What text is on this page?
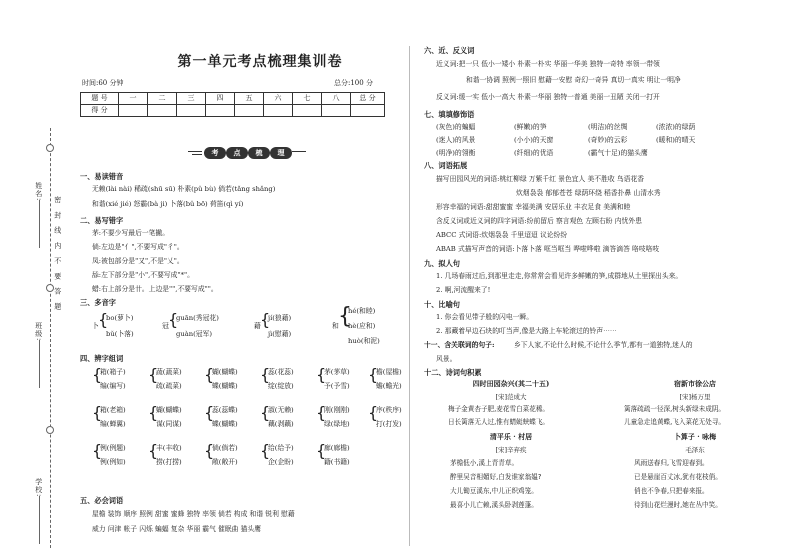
姓名:
班级:
学校:
密 封 线 内 不 要 答 题
第一单元考点梳理集训卷
时间:60 分钟	总分:100 分
题 号	一	二	三	四	五	六	七	八	总 分
得 分									
考	点	梳	理
一、易读错音
无赖(lài nài) 稀疏(shū sū) 朴素(pǔ bù) 倘若(tǎng shǎng)
和谐(xié jié) 怒霸(bà ji) 卜落(bǔ bō) 荷笛(qì yí)
二、易写错字
茅:不要少写最后一笔撇。
倘:左边是"亻",不要写成"彳"。
凤:被包部分是"又",不是"乂"。
舔:左下部分是"小",不要写成"*"。
蜡:右上部分是卄。上边是"",不要写成""。
三、多音字
卜 {
bo(萝卜)
bǔ(卜落)
冠 {
guān(秀冠花)
guàn(冠军)
藉 {
jí(狼藉)
jì(慰藉)
和 {
hé(和睦)
hè(应和)
huò(和泥)
四、辨字组词
{
箱(箱子)
编(编写)
{
蔬(蔬菜)
疏(疏菜)
{
蝴(蝴蝶)
蝶(蝴蝶)
{
蕊(花蕊)
绽(绽放)
{
茅(茅草)
予(予雪)
{
檐(屋檐)
蟾(蟾光)
{
箱(老箱)
编(蝉翼)
{
蝴(蝴蝶)
谋(同谋)
{
蕊(蕊蝶)
蝶(蝴蝶)
{
淑(无赖)
藕(剥藕)
{
刚(刚刚)
绿(绿地)
{
序(秩序)
打(打发)
{
例(例题)
例(例如)
{
丰(丰收)
捞(打捞)
{
倘(倘若)
敞(敞开)
{
给(给予)
企(企盼)
{
廊(廊檐)
籍(书籍)
五、必会词语
屋檐 装饰 顺序 照例 甜蜜 蜜蜂 独特 率领 倘若 构成 和谐 锐利 慰藉
威力 问津 帐子 闪烁 蝙蝠 复杂 华丽 霸气 催眠曲 猫头鹰
六、近、反义词
近义词:把一只 低小一矮小 朴素一朴实 华丽一华美 独特一奇特 率领一带领
和谐一协调 照例一照旧 慰藉一安慰 奇幻一奇异 真切一真实 明让一明净
反义词:缓一实 低小一高大 朴素一华丽 独特一普通 美丽一丑陋 关闭一打开
七、填填修饰语
(灰色)的蝙蝠	(鲜嫩)的笋	(明洁)的丝绸	(浓浓)的绿荫
(迷人)的风景	(小小)的天窗	(奇妙)的云彩	(暖和)的晴天
(明净)的翎衡	(纤细)的优语	(霸气十足)的猫头鹰
八、词语拓展
描写田园风光的词语:桃红柳绿 万紫千红 景色宜人 美不胜收 鸟语花香
炊烟袅袅 郁郁苍苍 绿荫环绕 稻香扑鼻 山清水秀
形容幸福的词语:甜甜蜜蜜 幸福美满 安居乐业 丰衣足食 美满和睦
含反义词或近义词的四字词语:纷前留后 察言观色 左顾右盼 内忧外患
ABCC 式词语:炊烟袅袅 千里迢迢 议论纷纷
ABAB 式描写声音的词语:卜落卜落 哐当哐当 哗啦哗啦 滴答滴答 咯吱咯吱
九、拟人句
1. 几场春雨过后,到那里走走,你常常会看见许多鲜嫩的笋,成群地从土里探出头来。
2. 啊,河流醒来了!
十、比喻句
1. 你会看见带子般的闪电一瞬。
2. 那藏着早边石块的叮当声,像是大路上车轮滚过的铃声⋯⋯
十一、含关联词的句子:	乡下人家,不论什么时候,不论什么季节,都有一道独特,迷人的
风景。
十二、诗词句积累
四时田园杂兴(其二十五)
[宋]范成大
梅子金黄杏子肥,麦花雪白菜花稀。
日长篱落无人过,惟有蜻蜓蛱蝶飞。
宿新市徐公店
[宋]杨万里
篱落疏疏一径深,树头新绿未成阴。
儿童急走追黄蝶,飞入菜花无处寻。
清平乐 · 村居
[宋]辛弃疾
茅檐低小,溪上青青草。
醉里吴音相媚好,白发谁家翁媪?
大儿锄豆溪东,中儿正织鸡笼。
最喜小儿亡赖,溪头卧剥莲蓬。
卜算子 · 咏梅
毛泽东
风雨送春归,飞雪迎春到。
已是悬崖百丈冰,犹有花枝俏。
俏也不争春,只把春来报。
待到山花烂漫时,她在丛中笑。
